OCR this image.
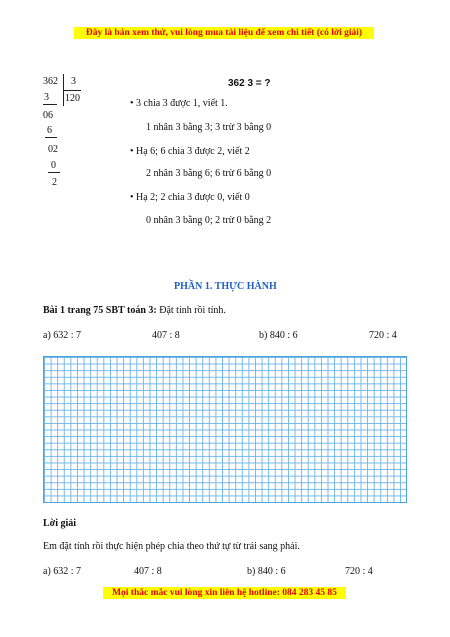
Đây là bản xem thử, vui lòng mua tài liệu để xem chi tiết (có lời giải)
362 3
120
3
06
6
02
0
2
362 3 = ?
• 3 chia 3 được 1, viết 1.
1 nhân 3 bằng 3; 3 trừ 3 bằng 0
• Hạ 6; 6 chia 3 được 2, viết 2
2 nhân 3 bằng 6; 6 trừ 6 bằng 0
• Hạ 2; 2 chia 3 được 0, viết 0
0 nhân 3 bằng 0; 2 trừ 0 bằng 2
PHẦN 1. THỰC HÀNH
Bài 1 trang 75 SBT toán 3: Đặt tính rồi tính.
a) 632 : 7	407 : 8	b) 840 : 6	720 : 4
Lời giải
Em đặt tính rồi thực hiện phép chia theo thứ tự từ trái sang phải.
a) 632 : 7	407 : 8	b) 840 : 6	720 : 4
Mọi thắc mắc vui lòng xin liên hệ hotline: 084 283 45 85
